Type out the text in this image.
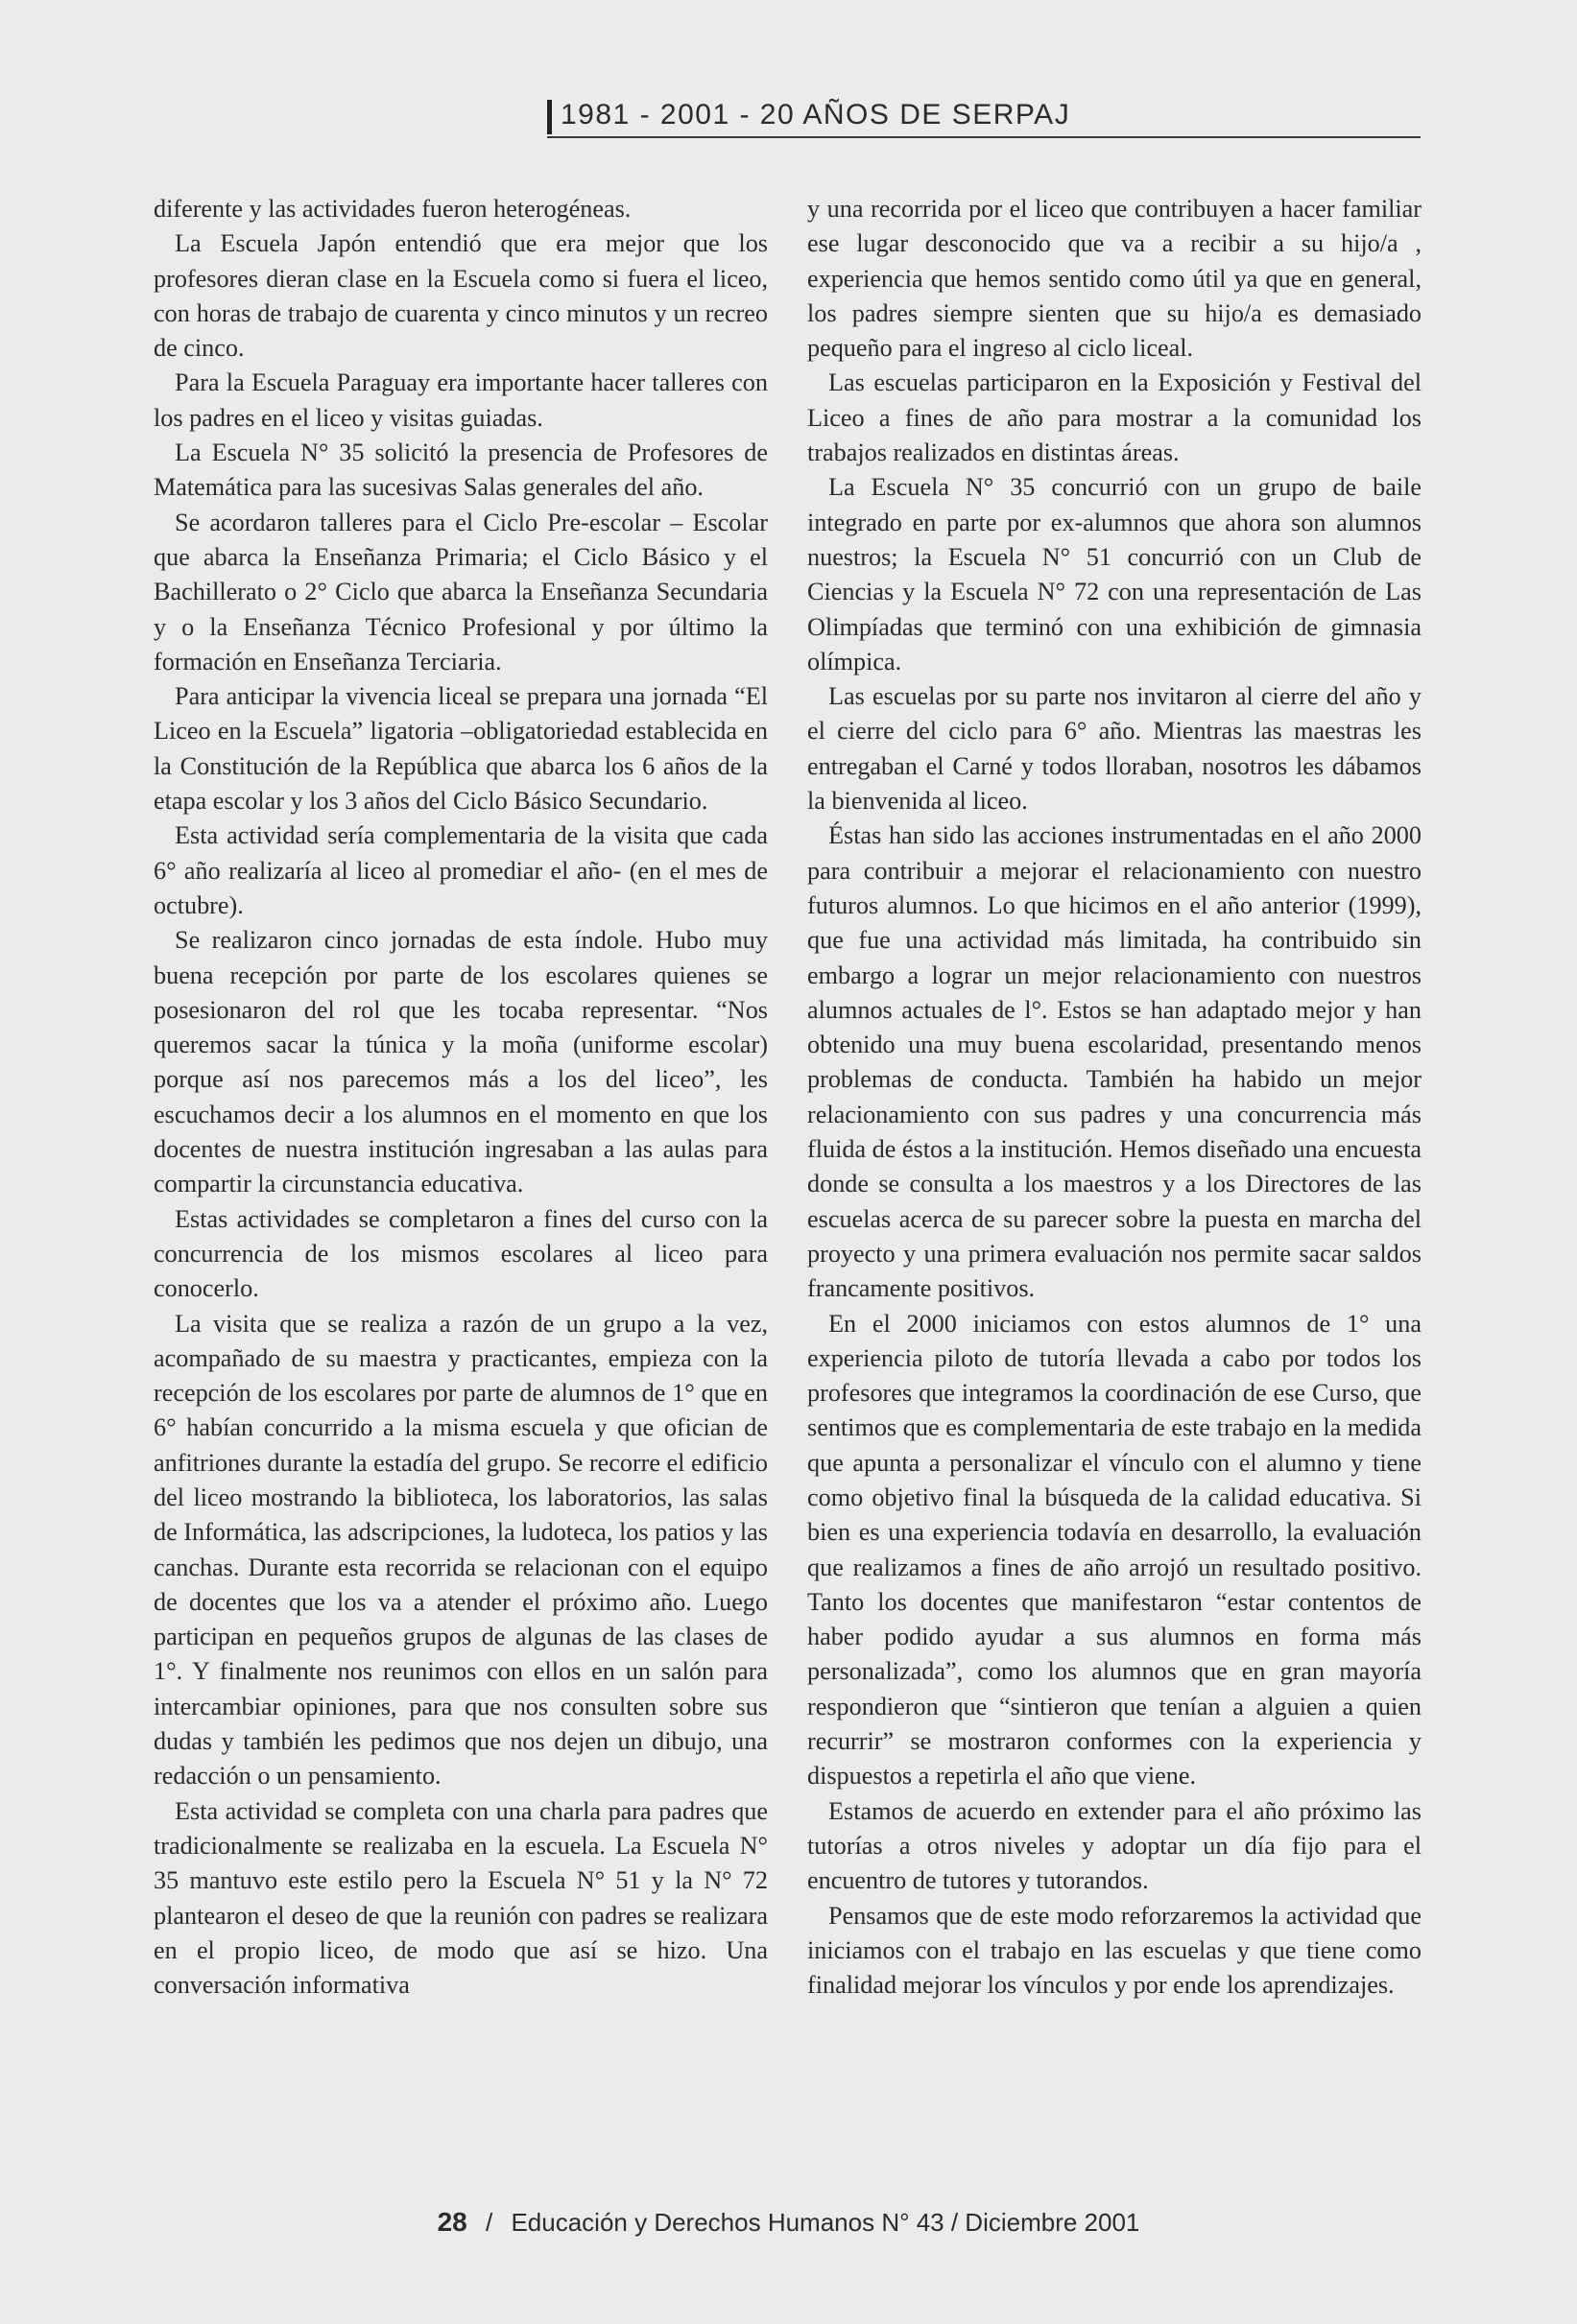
1981 - 2001 - 20 AÑOS DE SERPAJ

diferente y las actividades fueron heterogéneas.

La Escuela Japón entendió que era mejor que los profesores dieran clase en la Escuela como si fuera el liceo, con horas de trabajo de cuarenta y cinco minutos y un recreo de cinco.

Para la Escuela Paraguay era importante hacer talleres con los padres en el liceo y visitas guiadas.

La Escuela N° 35 solicitó la presencia de Profesores de Matemática para las sucesivas Salas generales del año.

Se acordaron talleres para el Ciclo Pre-escolar – Escolar que abarca la Enseñanza Primaria; el Ciclo Básico y el Bachillerato o 2° Ciclo que abarca la Enseñanza Secundaria y o la Enseñanza Técnico Profesional y por último la formación en Enseñanza Terciaria.

Para anticipar la vivencia liceal se prepara una jornada “El Liceo en la Escuela” ligatoria –obligatoriedad establecida en la Constitución de la República que abarca los 6 años de la etapa escolar y los 3 años del Ciclo Básico Secundario.

Esta actividad sería complementaria de la visita que cada 6° año realizaría al liceo al promediar el año- (en el mes de octubre).

Se realizaron cinco jornadas de esta índole. Hubo muy buena recepción por parte de los escolares quienes se posesionaron del rol que les tocaba representar. “Nos queremos sacar la túnica y la moña (uniforme escolar) porque así nos parecemos más a los del liceo”, les escuchamos decir a los alumnos en el momento en que los docentes de nuestra institución ingresaban a las aulas para compartir la circunstancia educativa.

Estas actividades se completaron a fines del curso con la concurrencia de los mismos escolares al liceo para conocerlo.

La visita que se realiza a razón de un grupo a la vez, acompañado de su maestra y practicantes, empieza con la recepción de los escolares por parte de alumnos de 1° que en 6° habían concurrido a la misma escuela y que ofician de anfitriones durante la estadía del grupo. Se recorre el edificio del liceo mostrando la biblioteca, los laboratorios, las salas de Informática, las adscripciones, la ludoteca, los patios y las canchas. Durante esta recorrida se relacionan con el equipo de docentes que los va a atender el próximo año. Luego participan en pequeños grupos de algunas de las clases de 1°. Y finalmente nos reunimos con ellos en un salón para intercambiar opiniones, para que nos consulten sobre sus dudas y también les pedimos que nos dejen un dibujo, una redacción o un pensamiento.

Esta actividad se completa con una charla para padres que tradicionalmente se realizaba en la escuela. La Escuela N° 35 mantuvo este estilo pero la Escuela N° 51 y la N° 72 plantearon el deseo de que la reunión con padres se realizara en el propio liceo, de modo que así se hizo. Una conversación informativa

y una recorrida por el liceo que contribuyen a hacer familiar ese lugar desconocido que va a recibir a su hijo/a , experiencia que hemos sentido como útil ya que en general, los padres siempre sienten que su hijo/a es demasiado pequeño para el ingreso al ciclo liceal.

Las escuelas participaron en la Exposición y Festival del Liceo a fines de año para mostrar a la comunidad los trabajos realizados en distintas áreas.

La Escuela N° 35 concurrió con un grupo de baile integrado en parte por ex-alumnos que ahora son alumnos nuestros; la Escuela N° 51 concurrió con un Club de Ciencias y la Escuela N° 72 con una representación de Las Olimpíadas que terminó con una exhibición de gimnasia olímpica.

Las escuelas por su parte nos invitaron al cierre del año y el cierre del ciclo para 6° año. Mientras las maestras les entregaban el Carné y todos lloraban, nosotros les dábamos la bienvenida al liceo.

Éstas han sido las acciones instrumentadas en el año 2000 para contribuir a mejorar el relacionamiento con nuestro futuros alumnos. Lo que hicimos en el año anterior (1999), que fue una actividad más limitada, ha contribuido sin embargo a lograr un mejor relacionamiento con nuestros alumnos actuales de l°. Estos se han adaptado mejor y han obtenido una muy buena escolaridad, presentando menos problemas de conducta. También ha habido un mejor relacionamiento con sus padres y una concurrencia más fluida de éstos a la institución. Hemos diseñado una encuesta donde se consulta a los maestros y a los Directores de las escuelas acerca de su parecer sobre la puesta en marcha del proyecto y una primera evaluación nos permite sacar saldos francamente positivos.

En el 2000 iniciamos con estos alumnos de 1° una experiencia piloto de tutoría llevada a cabo por todos los profesores que integramos la coordinación de ese Curso, que sentimos que es complementaria de este trabajo en la medida que apunta a personalizar el vínculo con el alumno y tiene como objetivo final la búsqueda de la calidad educativa. Si bien es una experiencia todavía en desarrollo, la evaluación que realizamos a fines de año arrojó un resultado positivo. Tanto los docentes que manifestaron “estar contentos de haber podido ayudar a sus alumnos en forma más personalizada”, como los alumnos que en gran mayoría respondieron que “sintieron que tenían a alguien a quien recurrir” se mostraron conformes con la experiencia y dispuestos a repetirla el año que viene.

Estamos de acuerdo en extender para el año próximo las tutorías a otros niveles y adoptar un día fijo para el encuentro de tutores y tutorandos.

Pensamos que de este modo reforzaremos la actividad que iniciamos con el trabajo en las escuelas y que tiene como finalidad mejorar los vínculos y por ende los aprendizajes.

28 / Educación y Derechos Humanos N° 43 / Diciembre 2001
